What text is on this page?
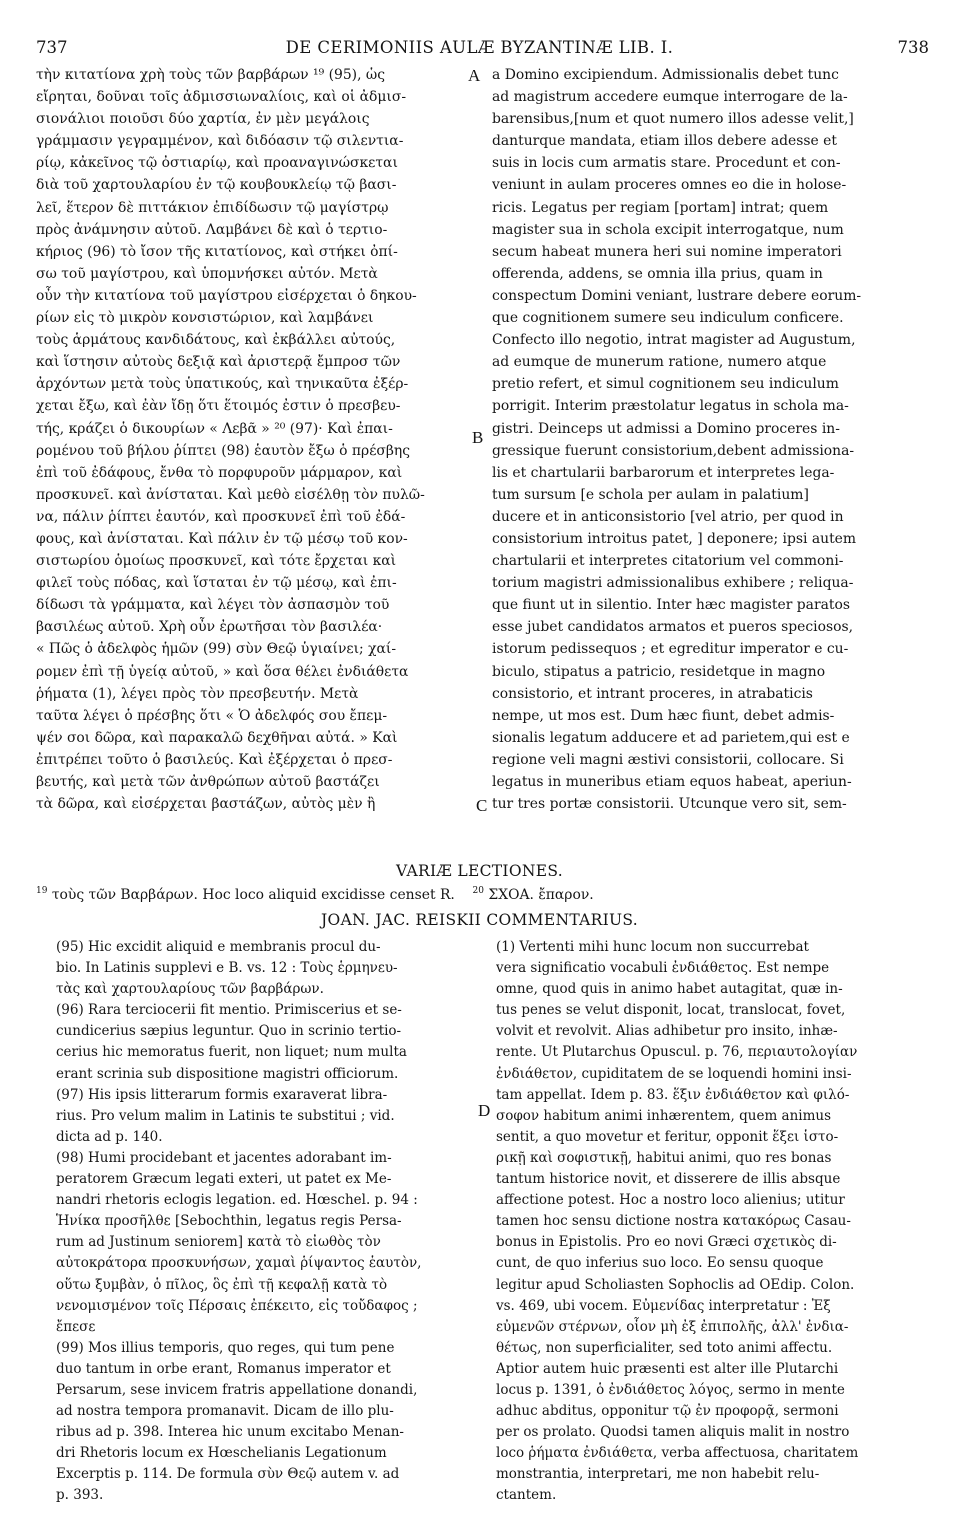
737	DE CERIMONIIS AULÆ BYZANTINÆ LIB. I.	738
τὴν κιτατίονα χρὴ τοὺς τῶν βαρβάρων ¹⁹ (95), ὡς
εἴρηται, δοῦναι τοῖς ἀδμισσιωναλίοις, καὶ οἱ ἀδμισ-
σιονάλιοι ποιοῦσι δύο χαρτία, ἐν μὲν μεγάλοις
γράμμασιν γεγραμμένον, καὶ διδόασιν τῷ σιλεντια-
ρίῳ, κἀκεῖνος τῷ ὀστιαρίῳ, καὶ προαναγινώσκεται
διὰ τοῦ χαρτουλαρίου ἐν τῷ κουβουκλείῳ τῷ βασι-
λεῖ, ἕτερον δὲ πιττάκιον ἐπιδίδωσιν τῷ μαγίστρῳ
πρὸς ἀνάμνησιν αὐτοῦ. Λαμβάνει δὲ καὶ ὁ τερτιο-
κήριος (96) τὸ ἴσον τῆς κιτατίονος, καὶ στήκει ὀπί-
σω τοῦ μαγίστρου, καὶ ὑπομνήσκει αὐτόν. Μετὰ
οὖν τὴν κιτατίονα τοῦ μαγίστρου εἰσέρχεται ὁ δηκου-
ρίων εἰς τὸ μικρὸν κονσιστώριον, καὶ λαμβάνει
τοὺς ἁρμάτους κανδιδάτους, καὶ ἐκβάλλει αὐτούς,
καὶ ἵστησιν αὐτοὺς δεξιᾷ καὶ ἀριστερᾷ ἔμπροσ τῶν
ἀρχόντων μετὰ τοὺς ὑπατικούς, καὶ τηνικαῦτα ἐξέρ-
χεται ἔξω, καὶ ἐὰν ἴδῃ ὅτι ἕτοιμός ἐστιν ὁ πρεσβευ-
τής, κράζει ὁ δικουρίων « Λεβᾶ » ²⁰ (97)· Καὶ ἐπαι-
ρομένου τοῦ βήλου ῥίπτει (98) ἑαυτὸν ἔξω ὁ πρέσβης
ἐπὶ τοῦ ἐδάφους, ἔνθα τὸ πορφυροῦν μάρμαρον, καὶ
προσκυνεῖ. καὶ ἀνίσταται. Καὶ μεθὸ εἰσέλθῃ τὸν πυλῶ-
να, πάλιν ῥίπτει ἑαυτόν, καὶ προσκυνεῖ ἐπὶ τοῦ ἐδά-
φους, καὶ ἀνίσταται. Καὶ πάλιν ἐν τῷ μέσῳ τοῦ κον-
σιστωρίου ὁμοίως προσκυνεῖ, καὶ τότε ἔρχεται καὶ
φιλεῖ τοὺς πόδας, καὶ ἵσταται ἐν τῷ μέσῳ, καὶ ἐπι-
δίδωσι τὰ γράμματα, καὶ λέγει τὸν ἀσπασμὸν τοῦ
βασιλέως αὐτοῦ. Χρὴ οὖν ἐρωτῆσαι τὸν βασιλέα·
« Πῶς ὁ ἀδελφὸς ἡμῶν (99) σὺν Θεῷ ὑγιαίνει; χαί-
ρομεν ἐπὶ τῇ ὑγείᾳ αὐτοῦ, » καὶ ὅσα θέλει ἐνδιάθετα
ῥήματα (1), λέγει πρὸς τὸν πρεσβευτήν. Μετὰ
ταῦτα λέγει ὁ πρέσβης ὅτι « Ὁ ἀδελφός σου ἔπεμ-
ψέν σοι δῶρα, καὶ παρακαλῶ δεχθῆναι αὐτά. » Καὶ
ἐπιτρέπει τοῦτο ὁ βασιλεύς. Καὶ ἐξέρχεται ὁ πρεσ-
βευτής, καὶ μετὰ τῶν ἀνθρώπων αὐτοῦ βαστάζει
τὰ δῶρα, καὶ εἰσέρχεται βαστάζων, αὐτὸς μὲν ἢ
a Domino excipiendum. Admissionalis debet tunc
ad magistrum accedere eumque interrogare de la-
barensibus,[num et quot numero illos adesse velit,]
danturque mandata, etiam illos debere adesse et
suis in locis cum armatis stare. Procedunt et con-
veniunt in aulam proceres omnes eo die in holose-
ricis. Legatus per regiam [portam] intrat; quem
magister sua in schola excipit interrogatque, num
secum habeat munera heri sui nomine imperatori
offerenda, addens, se omnia illa prius, quam in
conspectum Domini veniant, lustrare debere eorum-
que cognitionem sumere seu indiculum conficere.
Confecto illo negotio, intrat magister ad Augustum,
ad eumque de munerum ratione, numero atque
pretio refert, et simul cognitionem seu indiculum
porrigit. Interim præstolatur legatus in schola ma-
gistri. Deinceps ut admissi a Domino proceres in-
gressique fuerunt consistorium,debent admissiona-
lis et chartularii barbarorum et interpretes lega-
tum sursum [e schola per aulam in palatium]
ducere et in anticonsistorio [vel atrio, per quod in
consistorium introitus patet, ] deponere; ipsi autem
chartularii et interpretes citatorium vel commoni-
torium magistri admissionalibus exhibere ; reliqua-
que fiunt ut in silentio. Inter hæc magister paratos
esse jubet candidatos armatos et pueros speciosos,
istorum pedissequos ; et egreditur imperator e cu-
biculo, stipatus a patricio, residetque in magno
consistorio, et intrant proceres, in atrabaticis
nempe, ut mos est. Dum hæc fiunt, debet admis-
sionalis legatum adducere et ad parietem,qui est e
regione veli magni æstivi consistorii, collocare. Si
legatus in muneribus etiam equos habeat, aperiun-
tur tres portæ consistorii. Utcunque vero sit, sem-
A
B
C
D
VARIÆ LECTIONES.
$^{19}$ τοὺς τῶν Βαρβάρων. Hoc loco aliquid excidisse censet R. $^{20}$ ΣΧΟΑ. ἔπαρον.
JOAN. JAC. REISKII COMMENTARIUS.
(95) Hic excidit aliquid e membranis procul du-
bio. In Latinis supplevi e B. vs. 12 : Τοὺς ἑρμηνευ-
τὰς καὶ χαρτουλαρίους τῶν βαρβάρων.
(96) Rara terciocerii fit mentio. Primiscerius et se-
cundicerius sæpius leguntur. Quo in scrinio tertio-
cerius hic memoratus fuerit, non liquet; num multa
erant scrinia sub dispositione magistri officiorum.
(97) His ipsis litterarum formis exaraverat libra-
rius. Pro velum malim in Latinis te substitui ; vid.
dicta ad p. 140.
(98) Humi procidebant et jacentes adorabant im-
peratorem Græcum legati exteri, ut patet ex Me-
nandri rhetoris eclogis legation. ed. Hœschel. p. 94 :
Ἡνίκα προσῆλθε [Sebochthin, legatus regis Persa-
rum ad Justinum seniorem] κατὰ τὸ εἰωθὸς τὸν
αὐτοκράτορα προσκυνήσων, χαμαὶ ῥίψαντος ἑαυτὸν,
οὕτω ξυμβὰν, ὁ πῖλος, ὃς ἐπὶ τῇ κεφαλῇ κατὰ τὸ
νενομισμένον τοῖς Πέρσαις ἐπέκειτο, εἰς τοὔδαφος ;
ἔπεσε
(99) Mos illius temporis, quo reges, qui tum pene
duo tantum in orbe erant, Romanus imperator et
Persarum, sese invicem fratris appellatione donandi,
ad nostra tempora promanavit. Dicam de illo plu-
ribus ad p. 398. Interea hic unum excitabo Menan-
dri Rhetoris locum ex Hœschelianis Legationum
Excerptis p. 114. De formula σὺν Θεῷ autem v. ad
p. 393.
(1) Vertenti mihi hunc locum non succurrebat
vera significatio vocabuli ἐνδιάθετος. Est nempe
omne, quod quis in animo habet autagitat, quæ in-
tus penes se velut disponit, locat, translocat, fovet,
volvit et revolvit. Alias adhibetur pro insito, inhæ-
rente. Ut Plutarchus Opuscul. p. 76, περιαυτολογίαν
ἐνδιάθετον, cupiditatem de se loquendi homini insi-
tam appellat. Idem p. 83. ἕξιν ἐνδιάθετον καὶ φιλό-
σοφον habitum animi inhærentem, quem animus
sentit, a quo movetur et feritur, opponit ἕξει ἱστο-
ρικῇ καὶ σοφιστικῇ, habitui animi, quo res bonas
tantum historice novit, et disserere de illis absque
affectione potest. Hoc a nostro loco alienius; utitur
tamen hoc sensu dictione nostra κατακόρως Casau-
bonus in Epistolis. Pro eo novi Græci σχετικὸς di-
cunt, de quo inferius suo loco. Eo sensu quoque
legitur apud Scholiasten Sophoclis ad OEdip. Colon.
vs. 469, ubi vocem. Εὐμενίδας interpretatur : Ἐξ
εὐμενῶν στέρνων, οἷον μὴ ἐξ ἐπιπολῆς, ἀλλ' ἐνδια-
θέτως, non superficialiter, sed toto animi affectu.
Aptior autem huic præsenti est alter ille Plutarchi
locus p. 1391, ὁ ἐνδιάθετος λόγος, sermo in mente
adhuc abditus, opponitur τῷ ἐν προφορᾷ, sermoni
per os prolato. Quodsi tamen aliquis malit in nostro
loco ῥήματα ἐνδιάθετα, verba affectuosa, charitatem
monstrantia, interpretari, me non habebit relu-
ctantem.
